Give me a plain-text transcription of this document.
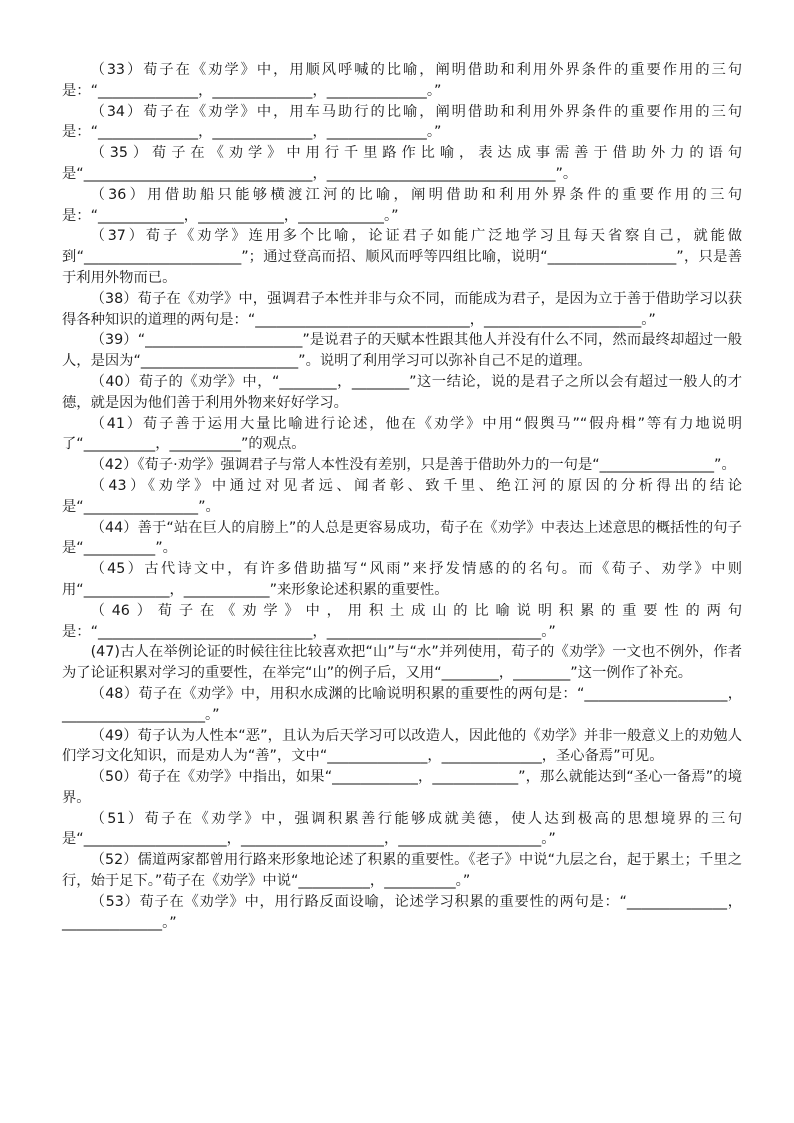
（33）荀子在《劝学》中，用顺风呼喊的比喻，阐明借助和利用外界条件的重要作用的三句是：“______________，______________，______________。”

（34）荀子在《劝学》中，用车马助行的比喻，阐明借助和利用外界条件的重要作用的三句是：“______________，______________，______________。”

（35）荀子在《劝学》中用行千里路作比喻，表达成事需善于借助外力的语句是“________________________________，________________________________”。

（36）用借助船只能够横渡江河的比喻，阐明借助和利用外界条件的重要作用的三句是：“____________，____________，____________。”

（37）荀子《劝学》连用多个比喻，论证君子如能广泛地学习且每天省察自己，就能做到“______________________”；通过登高而招、顺风而呼等四组比喻，说明“__________________”，只是善于利用外物而已。

（38）荀子在《劝学》中，强调君子本性并非与众不同，而能成为君子，是因为立于善于借助学习以获得各种知识的道理的两句是：“______________________________，______________________。”

（39）“______________________”是说君子的天赋本性跟其他人并没有什么不同，然而最终却超过一般人，是因为“______________________”。说明了利用学习可以弥补自己不足的道理。

（40）荀子的《劝学》中，“________，________”这一结论，说的是君子之所以会有超过一般人的才德，就是因为他们善于利用外物来好好学习。

（41）荀子善于运用大量比喻进行论述，他在《劝学》中用“假舆马”“假舟楫”等有力地说明了“__________，__________”的观点。

（42）《荀子·劝学》强调君子与常人本性没有差别，只是善于借助外力的一句是“________________”。

（43）《劝学》中通过对见者远、闻者彰、致千里、绝江河的原因的分析得出的结论是“________________”。

（44）善于“站在巨人的肩膀上”的人总是更容易成功，荀子在《劝学》中表达上述意思的概括性的句子是“__________”。

（45）古代诗文中，有许多借助描写“风雨”来抒发情感的的名句。而《荀子、劝学》中则用“____________，____________”来形象论述积累的重要性。

（46）荀子在《劝学》中，用积土成山的比喻说明积累的重要性的两句是：“______________________________，______________________________。”

(47)古人在举例论证的时候往往比较喜欢把“山”与“水”并列使用，荀子的《劝学》一文也不例外，作者为了论证积累对学习的重要性，在举完“山”的例子后，又用“________，________”这一例作了补充。

（48）荀子在《劝学》中，用积水成渊的比喻说明积累的重要性的两句是：“____________________，____________________。”

（49）荀子认为人性本“恶”，且认为后天学习可以改造人，因此他的《劝学》并非一般意义上的劝勉人们学习文化知识，而是劝人为“善”，文中“______________，______________，圣心备焉”可见。

（50）荀子在《劝学》中指出，如果“____________，____________”，那么就能达到“圣心一备焉”的境界。

（51）荀子在《劝学》中，强调积累善行能够成就美德，使人达到极高的思想境界的三句是“____________________，____________________，____________________。”

（52）儒道两家都曾用行路来形象地论述了积累的重要性。《老子》中说“九层之台，起于累土；千里之行，始于足下。”荀子在《劝学》中说“__________，__________。”

（53）荀子在《劝学》中，用行路反面设喻，论述学习积累的重要性的两句是：“______________，______________。”
